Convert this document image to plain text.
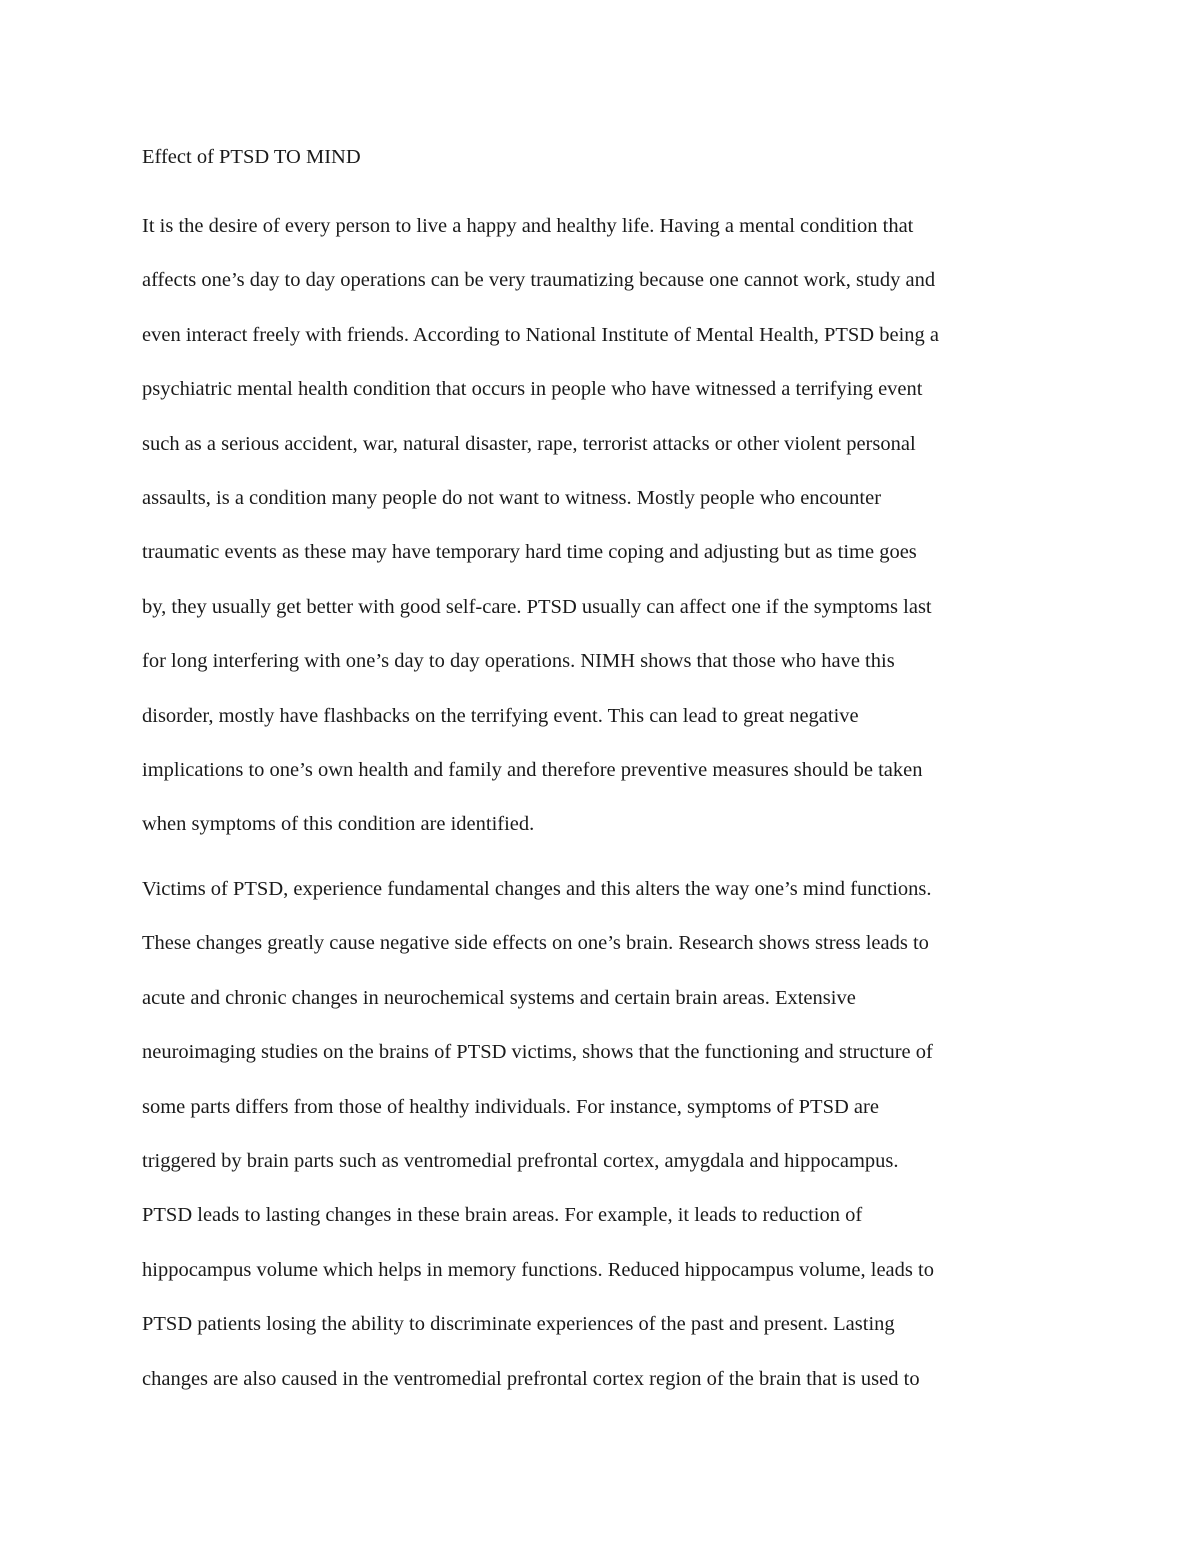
Effect of PTSD TO MIND

It is the desire of every person to live a happy and healthy life. Having a mental condition that
affects one’s day to day operations can be very traumatizing because one cannot work, study and
even interact freely with friends. According to National Institute of Mental Health, PTSD being a
psychiatric mental health condition that occurs in people who have witnessed a terrifying event
such as a serious accident, war, natural disaster, rape, terrorist attacks or other violent personal
assaults, is a condition many people do not want to witness. Mostly people who encounter
traumatic events as these may have temporary hard time coping and adjusting but as time goes
by, they usually get better with good self-care. PTSD usually can affect one if the symptoms last
for long interfering with one’s day to day operations. NIMH shows that those who have this
disorder, mostly have flashbacks on the terrifying event. This can lead to great negative
implications to one’s own health and family and therefore preventive measures should be taken
when symptoms of this condition are identified.

Victims of PTSD, experience fundamental changes and this alters the way one’s mind functions.
These changes greatly cause negative side effects on one’s brain. Research shows stress leads to
acute and chronic changes in neurochemical systems and certain brain areas. Extensive
neuroimaging studies on the brains of PTSD victims, shows that the functioning and structure of
some parts differs from those of healthy individuals. For instance, symptoms of PTSD are
triggered by brain parts such as ventromedial prefrontal cortex, amygdala and hippocampus.
PTSD leads to lasting changes in these brain areas. For example, it leads to reduction of
hippocampus volume which helps in memory functions. Reduced hippocampus volume, leads to
PTSD patients losing the ability to discriminate experiences of the past and present. Lasting
changes are also caused in the ventromedial prefrontal cortex region of the brain that is used to
